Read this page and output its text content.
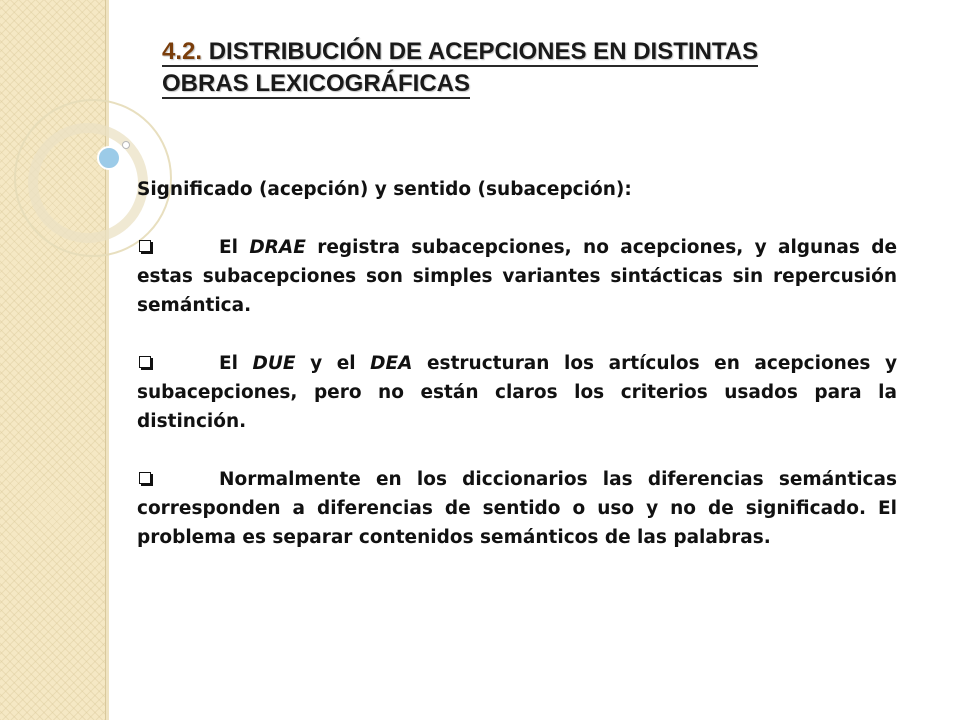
4.2. DISTRIBUCIÓN DE ACEPCIONES EN DISTINTAS
OBRAS LEXICOGRÁFICAS

Significado (acepción) y sentido (subacepción):

El DRAE registra subacepciones, no acepciones, y algunas de estas subacepciones son simples variantes sintácticas sin repercusión semántica.

El DUE y el DEA estructuran los artículos en acepciones y subacepciones, pero no están claros los criterios usados para la distinción.

Normalmente en los diccionarios las diferencias semánticas corresponden a diferencias de sentido o uso y no de significado. El problema es separar contenidos semánticos de las palabras.
